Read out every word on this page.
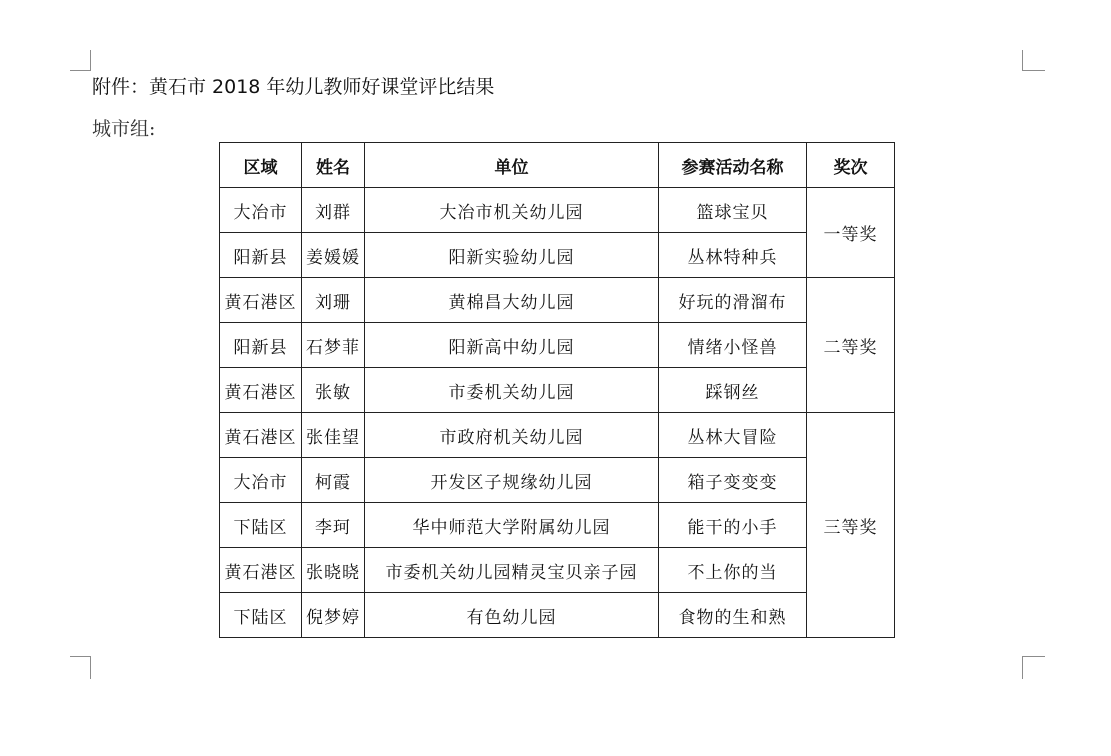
附件：黄石市 2018 年幼儿教师好课堂评比结果
城市组:
区域	姓名	单位	参赛活动名称	奖次
大冶市	刘群	大冶市机关幼儿园	篮球宝贝	一等奖
阳新县	姜媛媛	阳新实验幼儿园	丛林特种兵	
黄石港区	刘珊	黄棉昌大幼儿园	好玩的滑溜布	二等奖
阳新县	石梦菲	阳新高中幼儿园	情绪小怪兽	
黄石港区	张敏	市委机关幼儿园	踩钢丝	
黄石港区	张佳望	市政府机关幼儿园	丛林大冒险	三等奖
大冶市	柯霞	开发区子规缘幼儿园	箱子变变变	
下陆区	李珂	华中师范大学附属幼儿园	能干的小手	
黄石港区	张晓晓	市委机关幼儿园精灵宝贝亲子园	不上你的当	
下陆区	倪梦婷	有色幼儿园	食物的生和熟	
